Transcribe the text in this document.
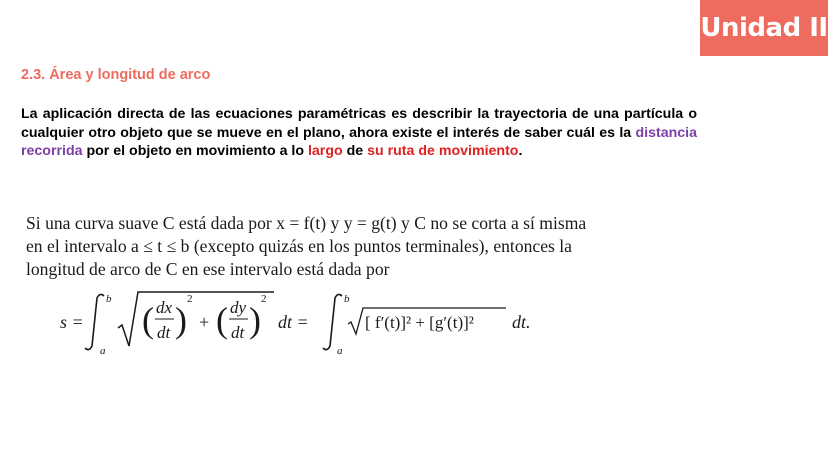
Unidad II
2.3. Área y longitud de arco

La aplicación directa de las ecuaciones paramétricas es describir la trayectoria de una partícula o cualquier otro objeto que se mueve en el plano, ahora existe el interés de saber cuál es la distancia recorrida por el objeto en movimiento a lo largo de su ruta de movimiento.

Si una curva suave C está dada por x = f(t) y y = g(t) y C no se corta a sí misma
en el intervalo a ≤ t ≤ b (excepto quizás en los puntos terminales), entonces la
longitud de arco de C en ese intervalo está dada por
s =
b
a
( dx
dt )
2
+ ( dy
dt )
2
dt =
b
a
[ f′(t)]² + [g′(t)]² dt.
